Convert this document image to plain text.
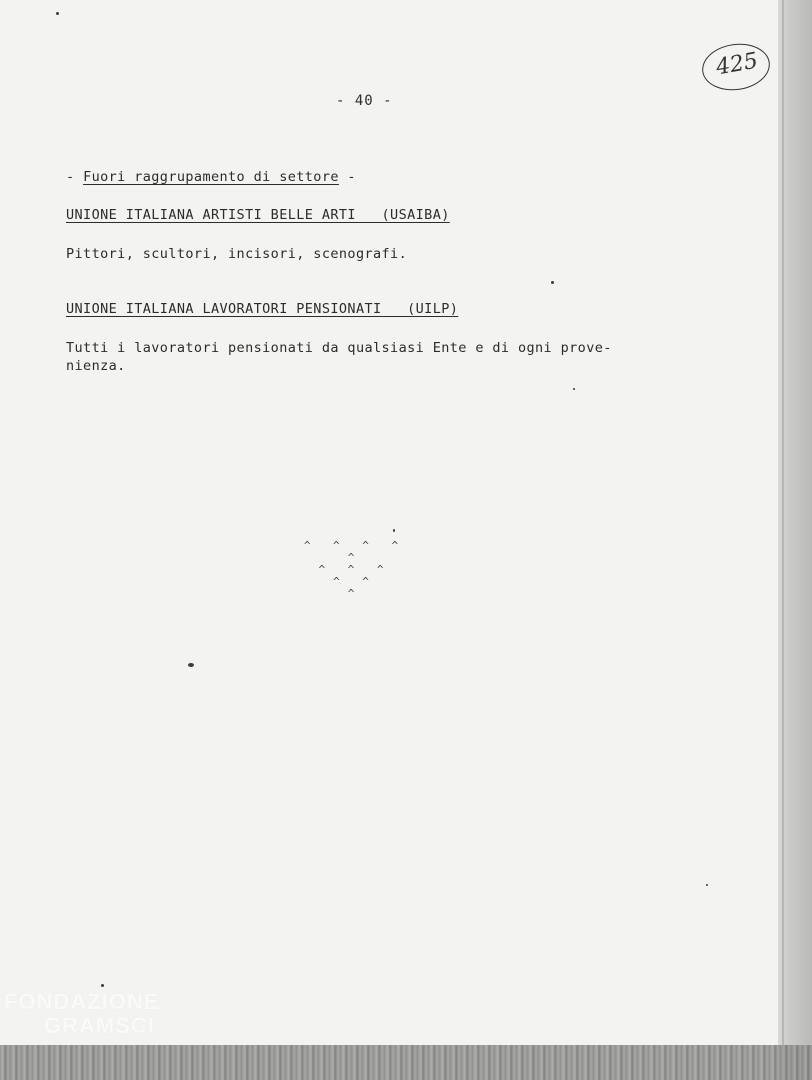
FONDAZIONE
GRAMSCI
425
- 40 -
- Fuori raggrupamento di settore -
UNIONE ITALIANA ARTISTI BELLE ARTI   (USAIBA)
Pittori, scultori, incisori, scenografi.
UNIONE ITALIANA LAVORATORI PENSIONATI   (UILP)
Tutti i lavoratori pensionati da qualsiasi Ente e di ogni prove-
nienza.
^ ^ ^ ^ ^
^ ^ ^
^ ^
^
